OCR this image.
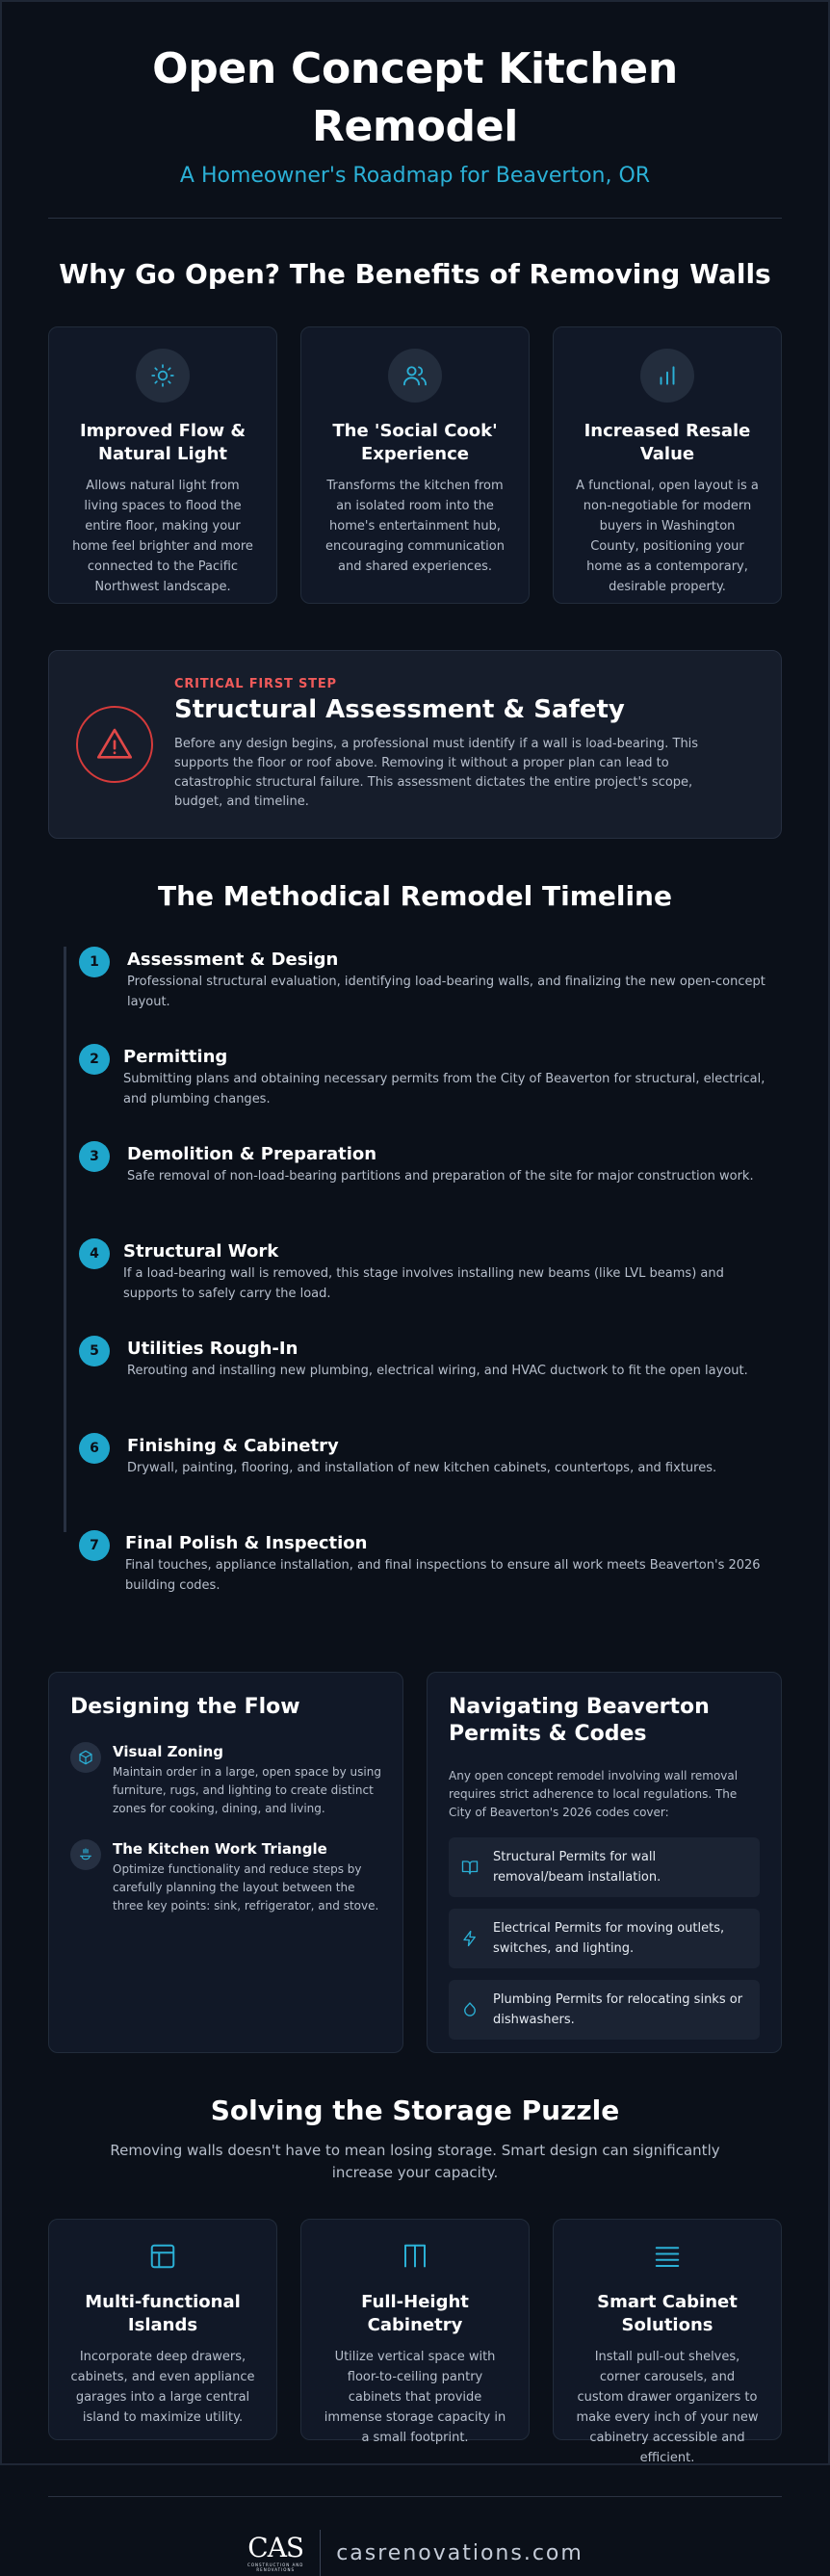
Open Concept Kitchen Remodel
A Homeowner's Roadmap for Beaverton, OR
Why Go Open? The Benefits of Removing Walls
Improved Flow & Natural Light
Allows natural light from living spaces to flood the entire floor, making your home feel brighter and more connected to the Pacific Northwest landscape.
The 'Social Cook' Experience
Transforms the kitchen from an isolated room into the home's entertainment hub, encouraging communication and shared experiences.
Increased Resale Value
A functional, open layout is a non-negotiable for modern buyers in Washington County, positioning your home as a contemporary, desirable property.
CRITICAL FIRST STEP
Structural Assessment & Safety
Before any design begins, a professional must identify if a wall is load-bearing. This supports the floor or roof above. Removing it without a proper plan can lead to catastrophic structural failure. This assessment dictates the entire project's scope, budget, and timeline.
The Methodical Remodel Timeline
1	Assessment & Design
Professional structural evaluation, identifying load-bearing walls, and finalizing the new open-concept layout.
2	Permitting
Submitting plans and obtaining necessary permits from the City of Beaverton for structural, electrical, and plumbing changes.
3	Demolition & Preparation
Safe removal of non-load-bearing partitions and preparation of the site for major construction work.
4	Structural Work
If a load-bearing wall is removed, this stage involves installing new beams (like LVL beams) and supports to safely carry the load.
5	Utilities Rough-In
Rerouting and installing new plumbing, electrical wiring, and HVAC ductwork to fit the open layout.
6	Finishing & Cabinetry
Drywall, painting, flooring, and installation of new kitchen cabinets, countertops, and fixtures.
7	Final Polish & Inspection
Final touches, appliance installation, and final inspections to ensure all work meets Beaverton's 2026 building codes.
Designing the Flow
Visual Zoning
Maintain order in a large, open space by using furniture, rugs, and lighting to create distinct zones for cooking, dining, and living.
The Kitchen Work Triangle
Optimize functionality and reduce steps by carefully planning the layout between the three key points: sink, refrigerator, and stove.
Navigating Beaverton Permits & Codes
Any open concept remodel involving wall removal requires strict adherence to local regulations. The City of Beaverton's 2026 codes cover:
Structural Permits for wall removal/beam installation.
Electrical Permits for moving outlets, switches, and lighting.
Plumbing Permits for relocating sinks or dishwashers.
Solving the Storage Puzzle
Removing walls doesn't have to mean losing storage. Smart design can significantly increase your capacity.
Multi-functional Islands
Incorporate deep drawers, cabinets, and even appliance garages into a large central island to maximize utility.
Full-Height Cabinetry
Utilize vertical space with floor-to-ceiling pantry cabinets that provide immense storage capacity in a small footprint.
Smart Cabinet Solutions
Install pull-out shelves, corner carousels, and custom drawer organizers to make every inch of your new cabinetry accessible and efficient.
CAS
CONSTRUCTION AND RENOVATIONS
casrenovations.com
